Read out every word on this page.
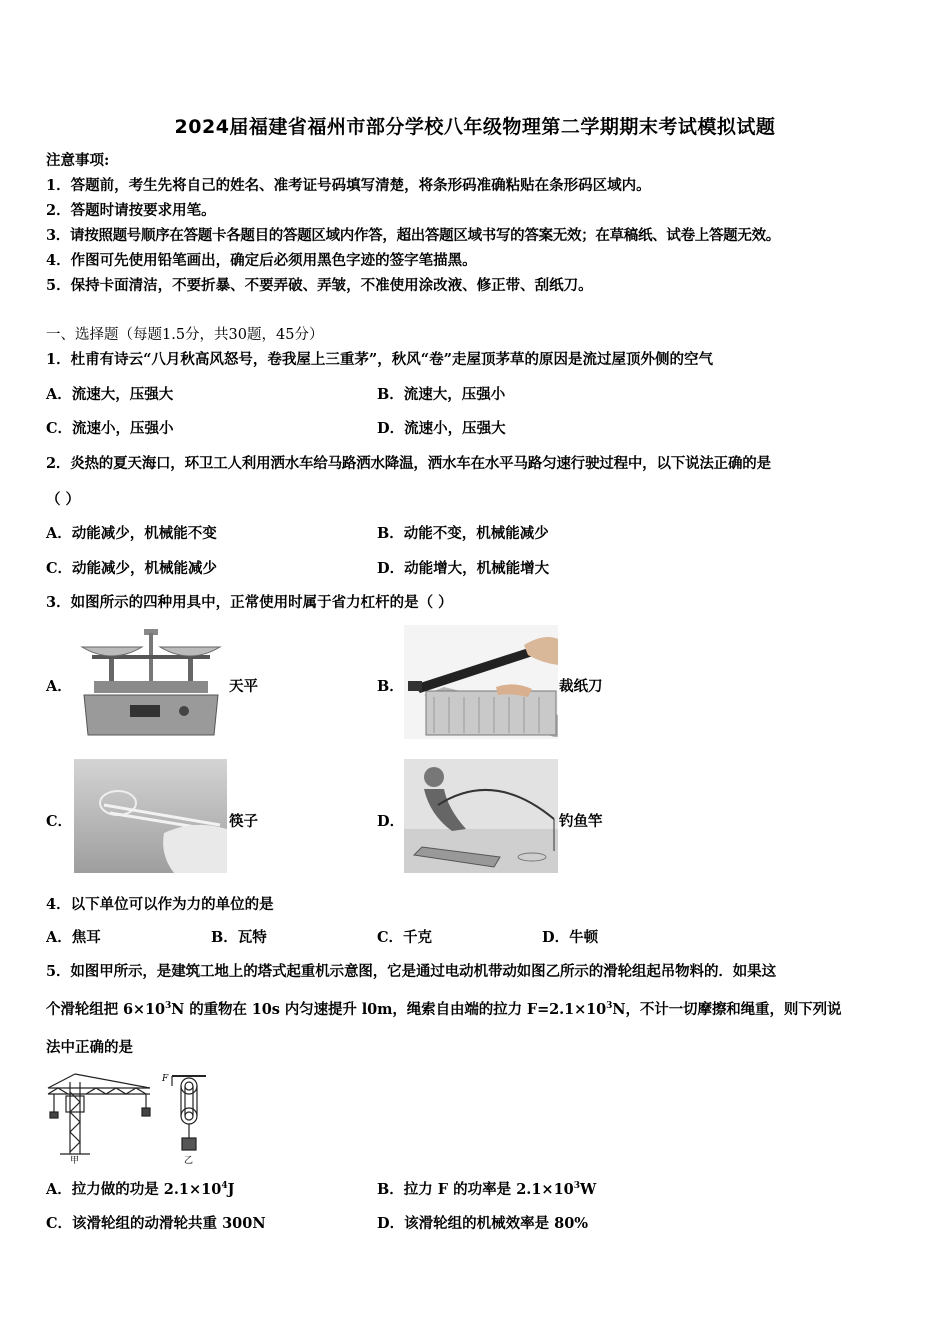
2024届福建省福州市部分学校八年级物理第二学期期末考试模拟试题
注意事项:
1．答题前，考生先将自己的姓名、准考证号码填写清楚，将条形码准确粘贴在条形码区域内。
2．答题时请按要求用笔。
3．请按照题号顺序在答题卡各题目的答题区域内作答，超出答题区域书写的答案无效；在草稿纸、试卷上答题无效。
4．作图可先使用铅笔画出，确定后必须用黑色字迹的签字笔描黑。
5．保持卡面清洁，不要折暴、不要弄破、弄皱，不准使用涂改液、修正带、刮纸刀。
一、选择题（每题1.5分，共30题，45分）
1．杜甫有诗云“八月秋高风怒号，卷我屋上三重茅”，秋风“卷”走屋顶茅草的原因是流过屋顶外侧的空气
A．流速大，压强大	B．流速大，压强小
C．流速小，压强小	D．流速小，压强大
2．炎热的夏天海口，环卫工人利用洒水车给马路洒水降温，洒水车在水平马路匀速行驶过程中，以下说法正确的是
（ ）
A．动能减少，机械能不变	B．动能不变，机械能减少
C．动能减少，机械能减少	D．动能增大，机械能增大
3．如图所示的四种用具中，正常使用时属于省力杠杆的是（ ）
A．	天平	B．	裁纸刀
C．	筷子	D．	钓鱼竿
4．以下单位可以作为力的单位的是
A．焦耳	B．瓦特	C．千克	D．牛顿
5．如图甲所示，是建筑工地上的塔式起重机示意图，它是通过电动机带动如图乙所示的滑轮组起吊物料的．如果这
个滑轮组把 $6\times 10^3N$ 的重物在 10s 内匀速提升 l0m，绳索自由端的拉力 $F=2.1\times 10^3N$，不计一切摩擦和绳重，则下列说
法中正确的是
甲	乙
F
A．拉力做的功是 $2.1\times 10^4J$	B．拉力 F 的功率是 $2.1\times 10^3W$
C．该滑轮组的动滑轮共重 300N	D．该滑轮组的机械效率是 80%
